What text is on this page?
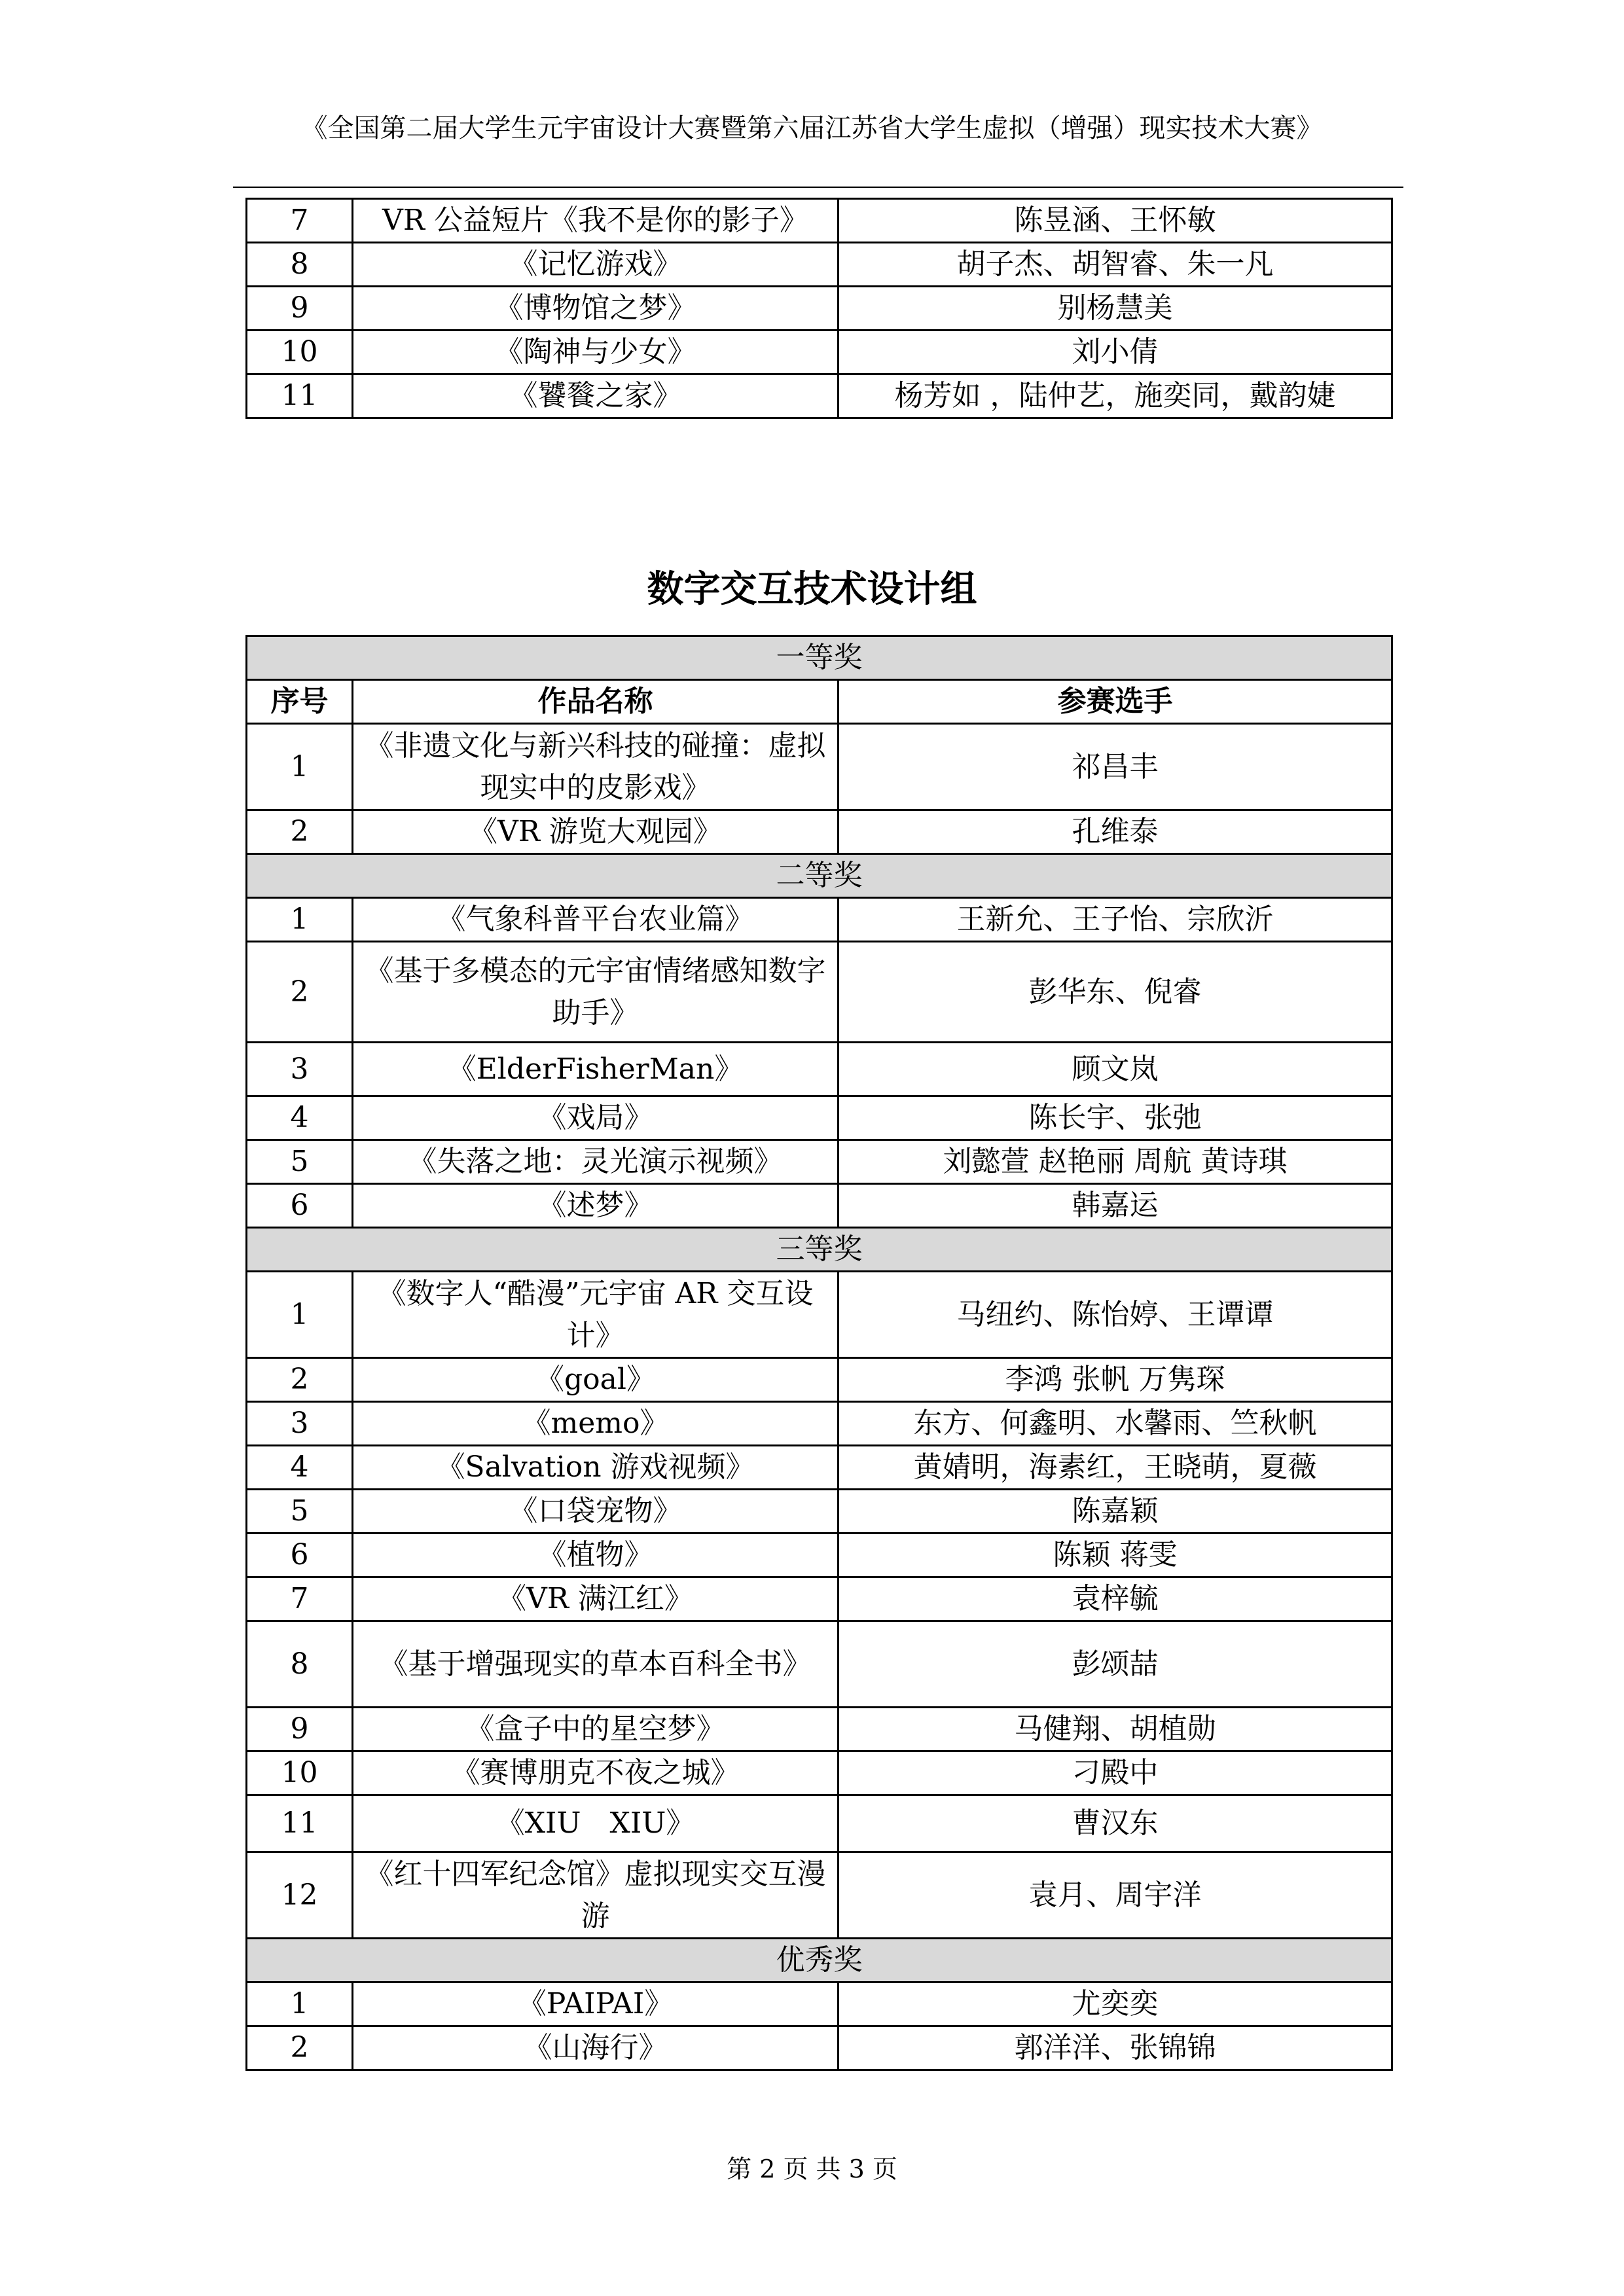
《全国第二届大学生元宇宙设计大赛暨第六届江苏省大学生虚拟（增强）现实技术大赛》
7	VR 公益短片《我不是你的影子》	陈昱涵、王怀敏
8	《记忆游戏》	胡子杰、胡智睿、朱一凡
9	《博物馆之梦》	别杨慧美
10	《陶神与少女》	刘小倩
11	《饕餮之家》	杨芳如 ，陆仲艺，施奕同，戴韵婕
数字交互技术设计组
一等奖		
序号	作品名称	参赛选手
1	《非遗文化与新兴科技的碰撞：虚拟现实中的皮影戏》	祁昌丰
2	《VR 游览大观园》	孔维泰
二等奖		
1	《气象科普平台农业篇》	王新允、王子怡、宗欣沂
2	《基于多模态的元宇宙情绪感知数字助手》	彭华东、倪睿
3	《ElderFisherMan》	顾文岚
4	《戏局》	陈长宇、张弛
5	《失落之地：灵光演示视频》	刘懿萱 赵艳丽 周航 黄诗琪
6	《述梦》	韩嘉运
三等奖		
1	《数字人“酷漫”元宇宙 AR 交互设计》	马纽约、陈怡婷、王谭谭
2	《goal》	李鸿 张帆 万隽琛
3	《memo》	东方、何鑫明、水馨雨、竺秋帆
4	《Salvation 游戏视频》	黄婧明，海素红，王晓萌，夏薇
5	《口袋宠物》	陈嘉颖
6	《植物》	陈颖 蒋雯
7	《VR 满江红》	袁梓毓
8	《基于增强现实的草本百科全书》	彭颂喆
9	《盒子中的星空梦》	马健翔、胡植勋
10	《赛博朋克不夜之城》	刁殿中
11	《XIU　XIU》	曹汉东
12	《红十四军纪念馆》虚拟现实交互漫游	袁月、周宇洋
优秀奖		
1	《PAIPAI》	尤奕奕
2	《山海行》	郭洋洋、张锦锦
第 2 页 共 3 页
